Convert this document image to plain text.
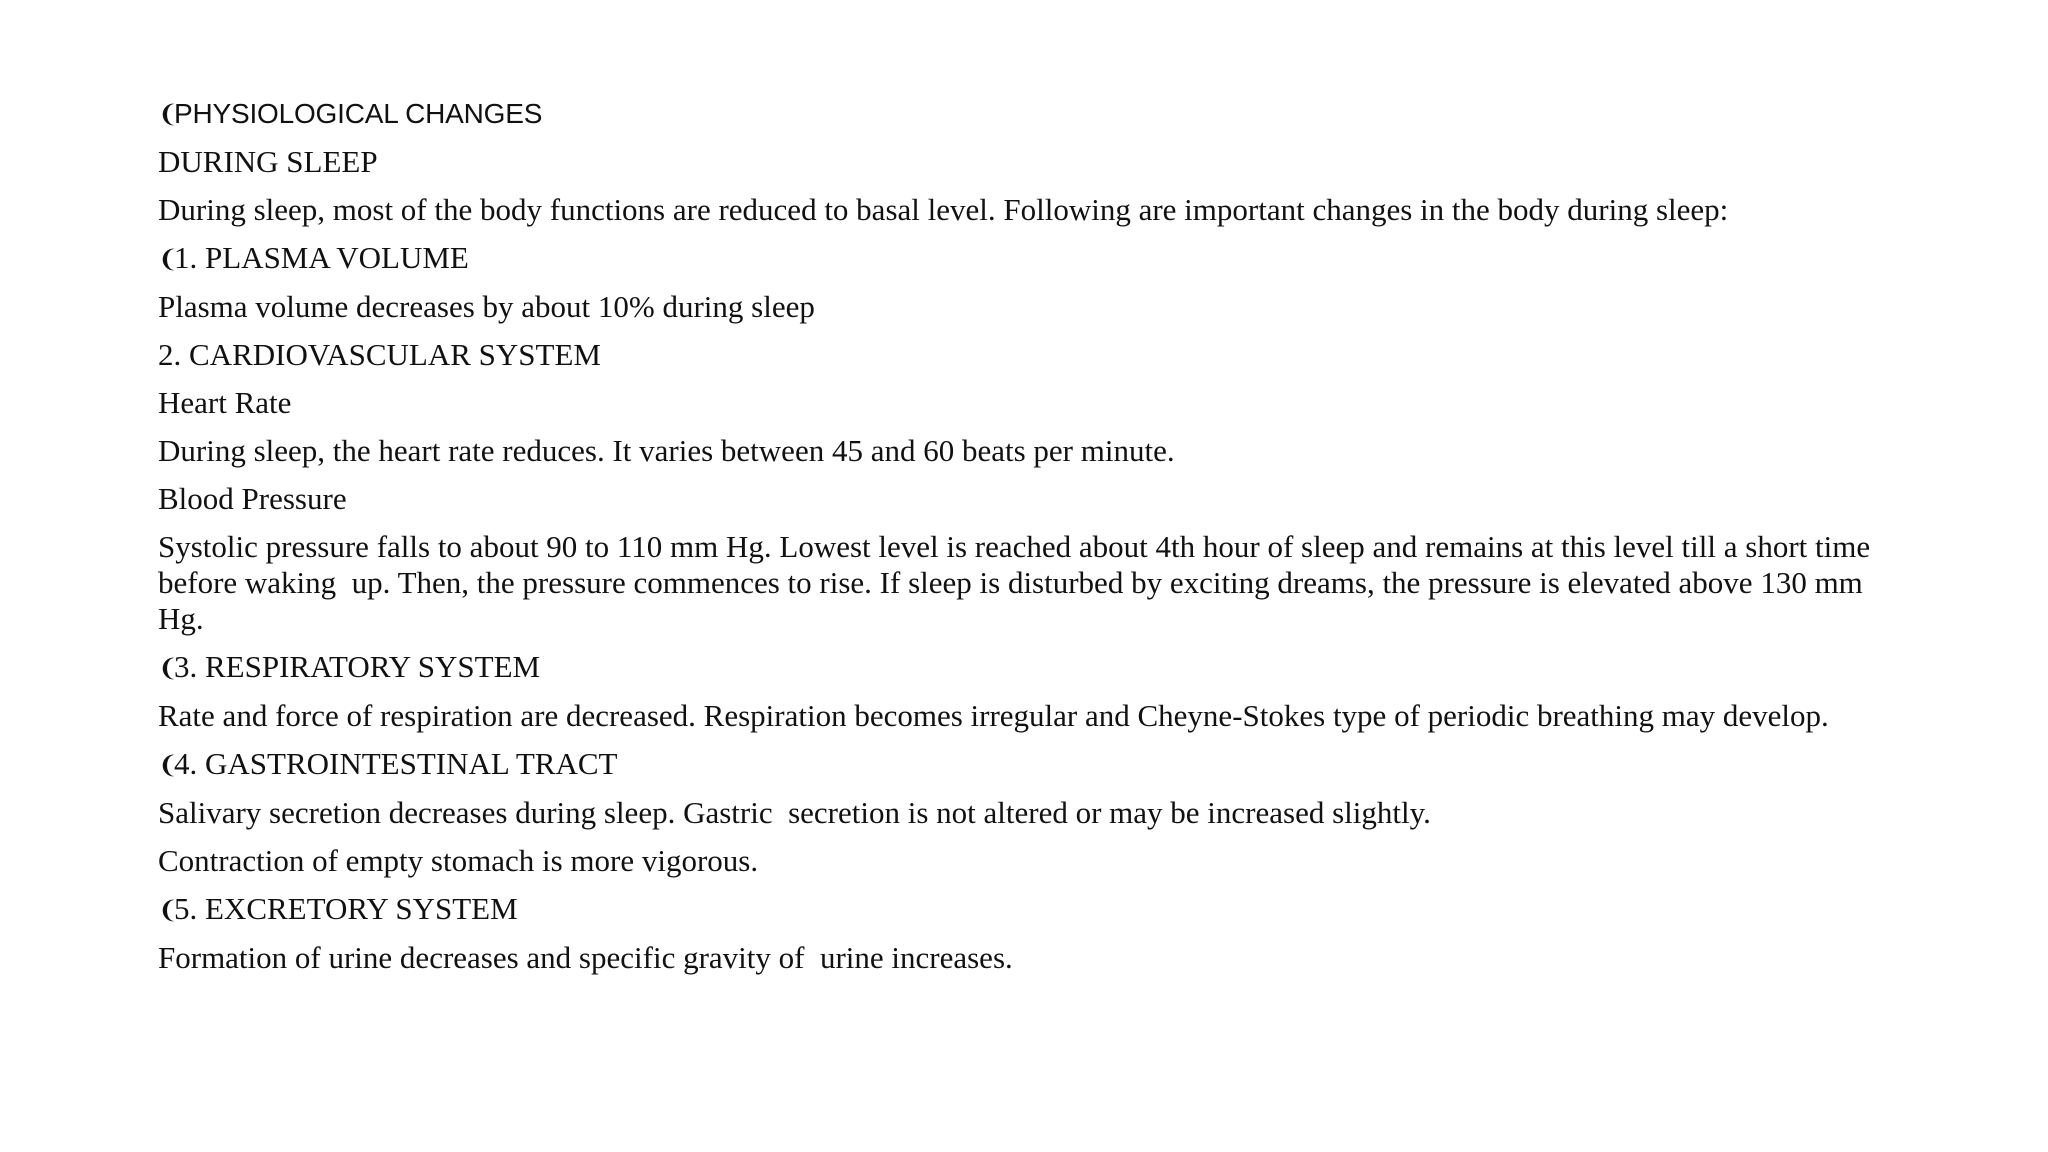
❨PHYSIOLOGICAL CHANGES
DURING SLEEP
During sleep, most of the body functions are reduced to basal level. Following are important changes in the body during sleep:
❨1. PLASMA VOLUME
Plasma volume decreases by about 10% during sleep
2. CARDIOVASCULAR SYSTEM
Heart Rate
During sleep, the heart rate reduces. It varies between 45 and 60 beats per minute.
Blood Pressure
Systolic pressure falls to about 90 to 110 mm Hg. Lowest level is reached about 4th hour of sleep and remains at this level till a short time before waking  up. Then, the pressure commences to rise. If sleep is disturbed by exciting dreams, the pressure is elevated above 130 mm Hg.
❨3. RESPIRATORY SYSTEM
Rate and force of respiration are decreased. Respiration becomes irregular and Cheyne-Stokes type of periodic breathing may develop.
❨4. GASTROINTESTINAL TRACT
Salivary secretion decreases during sleep. Gastric  secretion is not altered or may be increased slightly.
Contraction of empty stomach is more vigorous.
❨5. EXCRETORY SYSTEM
Formation of urine decreases and specific gravity of  urine increases.
